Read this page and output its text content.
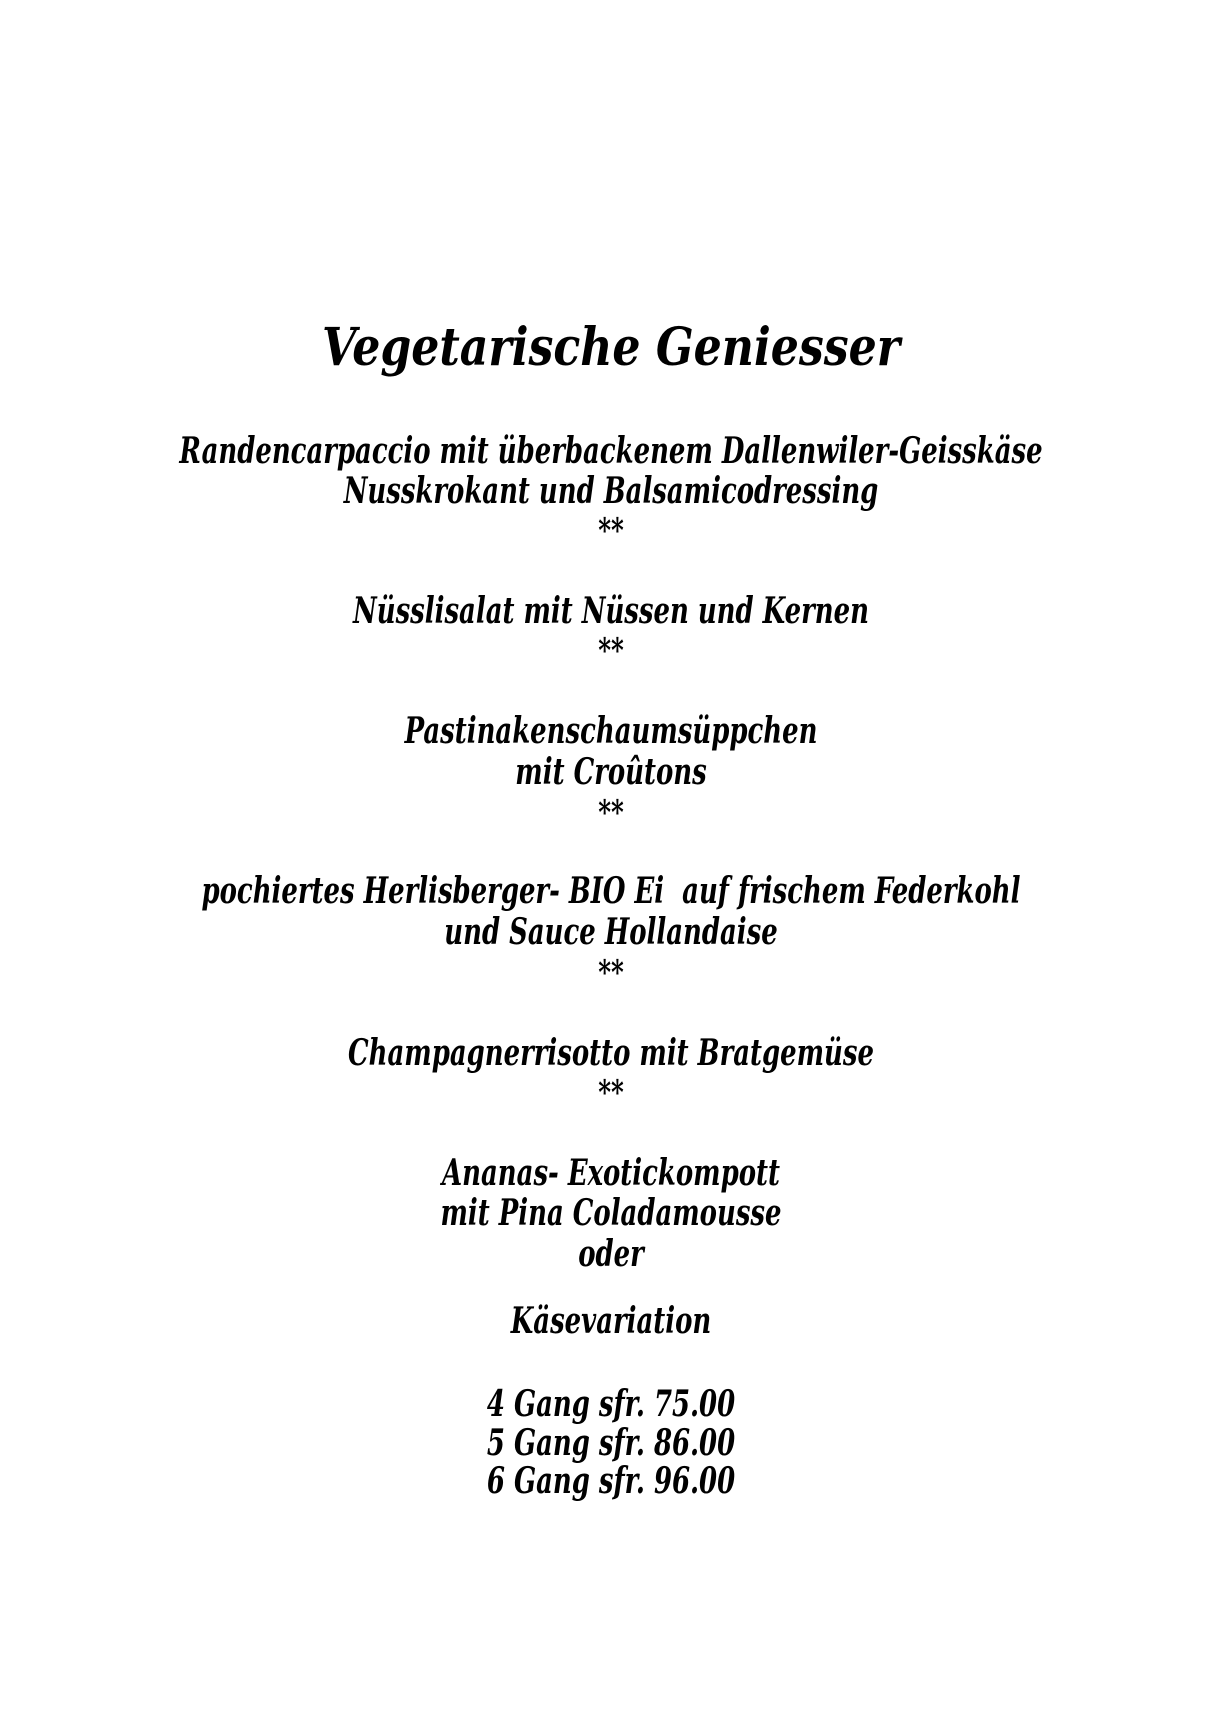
Vegetarische Geniesser
Randencarpaccio mit überbackenem Dallenwiler-Geisskäse
Nusskrokant und Balsamicodressing
**
Nüsslisalat mit Nüssen und Kernen
**
Pastinakenschaumsüppchen
mit Croûtons
**
pochiertes Herlisberger- BIO Ei  auf frischem Federkohl
und Sauce Hollandaise
**
Champagnerrisotto mit Bratgemüse
**
Ananas- Exotickompott
mit Pina Coladamousse
oder
Käsevariation
4 Gang sfr. 75.00
5 Gang sfr. 86.00
6 Gang sfr. 96.00
